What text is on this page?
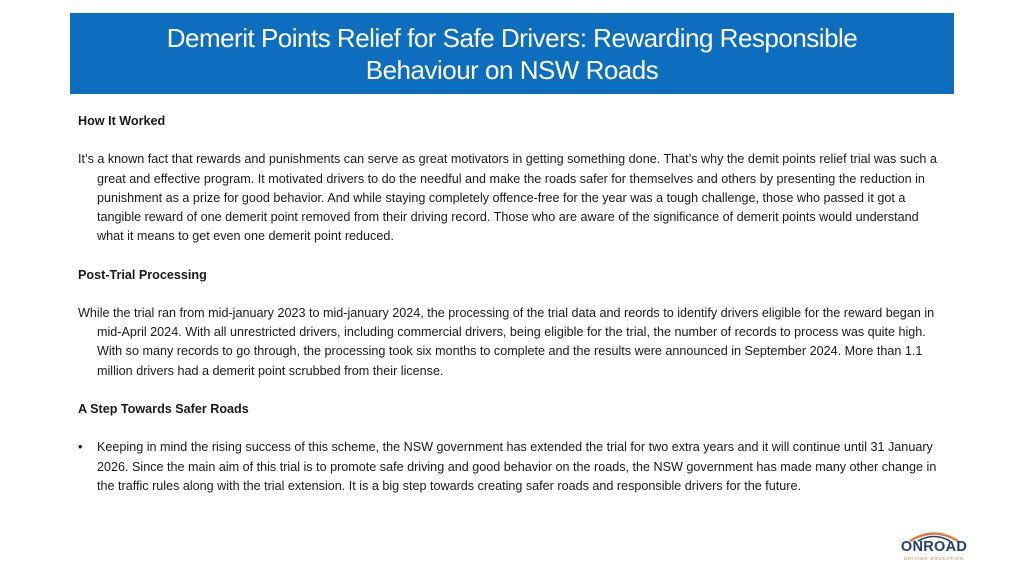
Demerit Points Relief for Safe Drivers: Rewarding Responsible
Behaviour on NSW Roads

How It Worked

It’s a known fact that rewards and punishments can serve as great motivators in getting something done. That’s why the demit points relief trial was such a great and effective program. It motivated drivers to do the needful and make the roads safer for themselves and others by presenting the reduction in punishment as a prize for good behavior. And while staying completely offence-free for the year was a tough challenge, those who passed it got a tangible reward of one demerit point removed from their driving record. Those who are aware of the significance of demerit points would understand what it means to get even one demerit point reduced.

Post-Trial Processing

While the trial ran from mid-january 2023 to mid-january 2024, the processing of the trial data and reords to identify drivers eligible for the reward began in mid-April 2024. With all unrestricted drivers, including commercial drivers, being eligible for the trial, the number of records to process was quite high. With so many records to go through, the processing took six months to complete and the results were announced in September 2024. More than 1.1 million drivers had a demerit point scrubbed from their license.

A Step Towards Safer Roads

•	Keeping in mind the rising success of this scheme, the NSW government has extended the trial for two extra years and it will continue until 31 January 2026. Since the main aim of this trial is to promote safe driving and good behavior on the roads, the NSW government has made many other change in the traffic rules along with the trial extension. It is a big step towards creating safer roads and responsible drivers for the future.
ONROAD
DRIVING EDUCATION
